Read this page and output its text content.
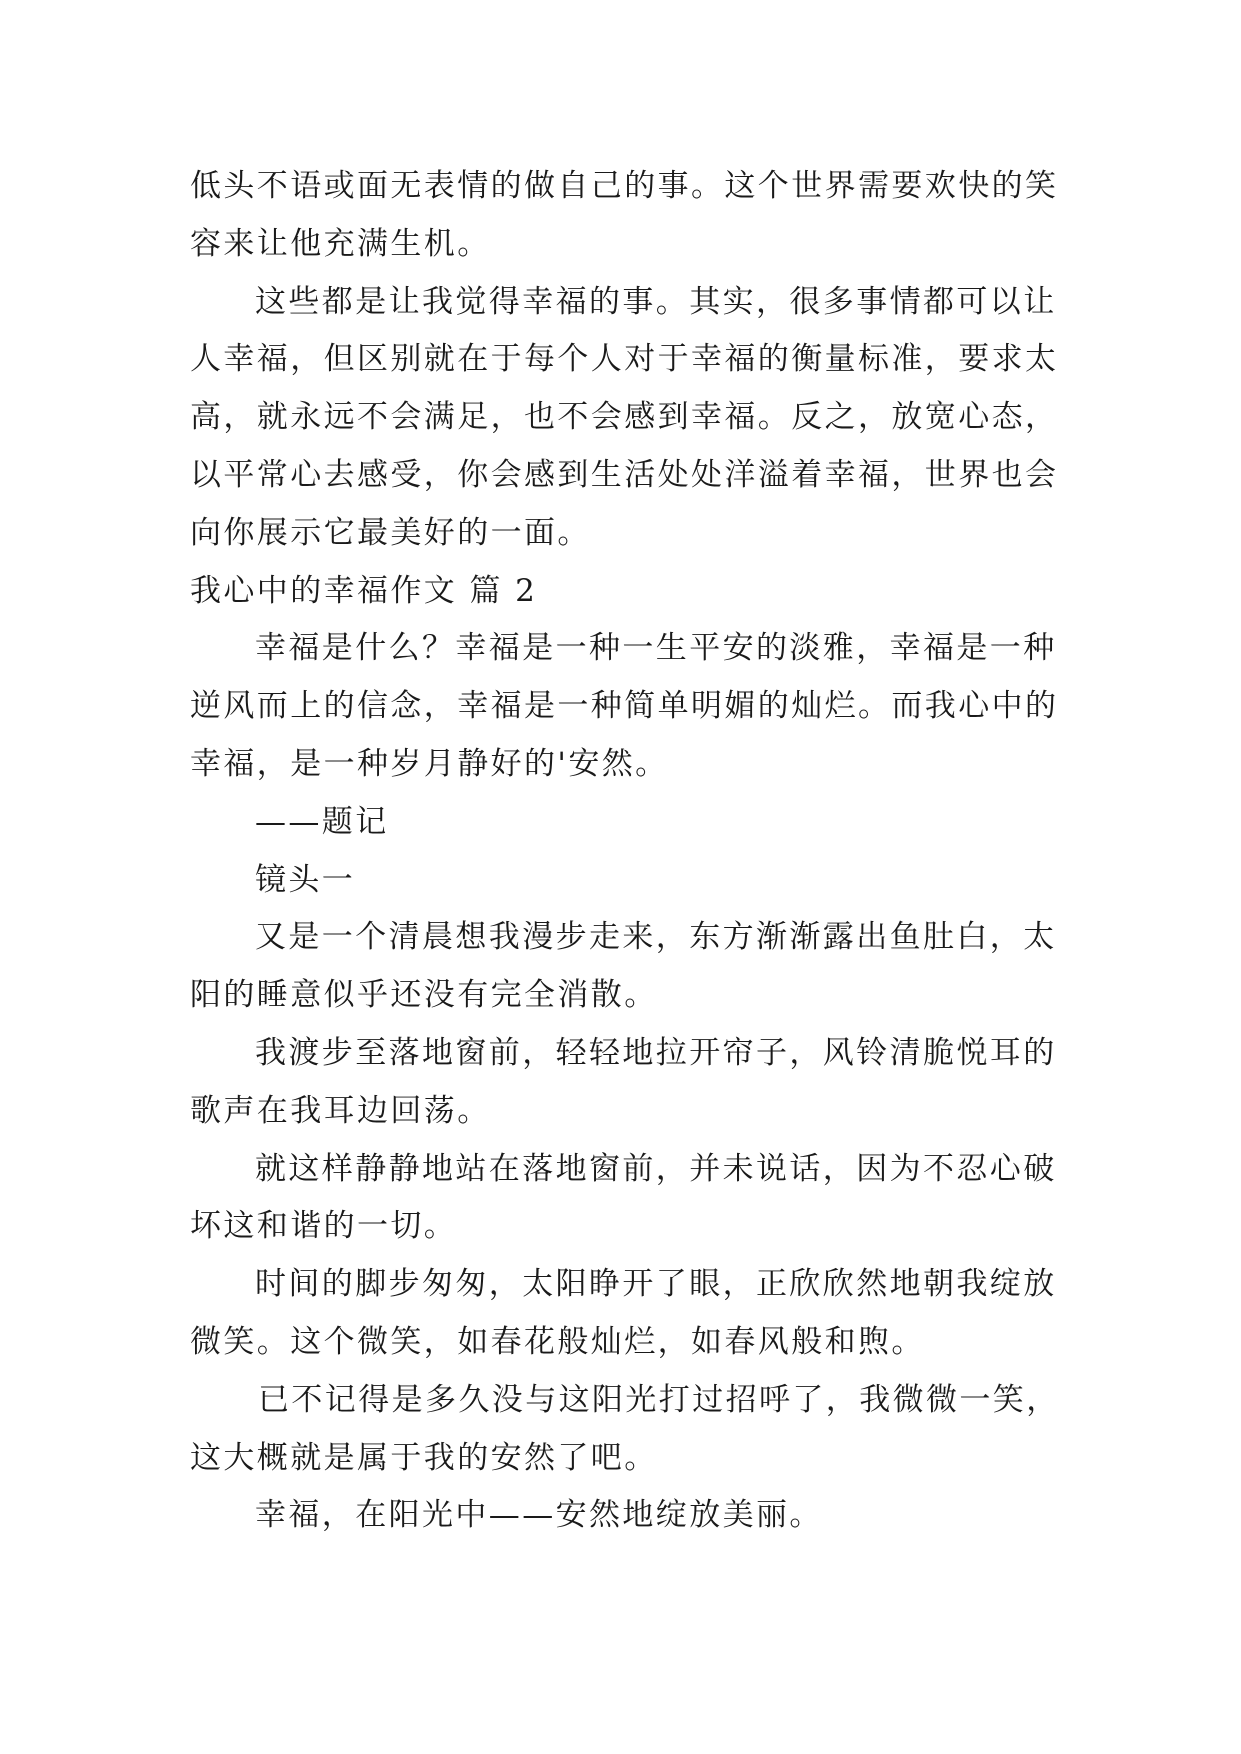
低头不语或面无表情的做自己的事。这个世界需要欢快的笑
容来让他充满生机。
这些都是让我觉得幸福的事。其实，很多事情都可以让
人幸福，但区别就在于每个人对于幸福的衡量标准，要求太
高，就永远不会满足，也不会感到幸福。反之，放宽心态，
以平常心去感受，你会感到生活处处洋溢着幸福，世界也会
向你展示它最美好的一面。
我心中的幸福作文 篇 2
幸福是什么？幸福是一种一生平安的淡雅，幸福是一种
逆风而上的信念，幸福是一种简单明媚的灿烂。而我心中的
幸福，是一种岁月静好的'安然。
——题记
镜头一
又是一个清晨想我漫步走来，东方渐渐露出鱼肚白，太
阳的睡意似乎还没有完全消散。
我渡步至落地窗前，轻轻地拉开帘子，风铃清脆悦耳的
歌声在我耳边回荡。
就这样静静地站在落地窗前，并未说话，因为不忍心破
坏这和谐的一切。
时间的脚步匆匆，太阳睁开了眼，正欣欣然地朝我绽放
微笑。这个微笑，如春花般灿烂，如春风般和煦。
已不记得是多久没与这阳光打过招呼了，我微微一笑，
这大概就是属于我的安然了吧。
幸福，在阳光中——安然地绽放美丽。
